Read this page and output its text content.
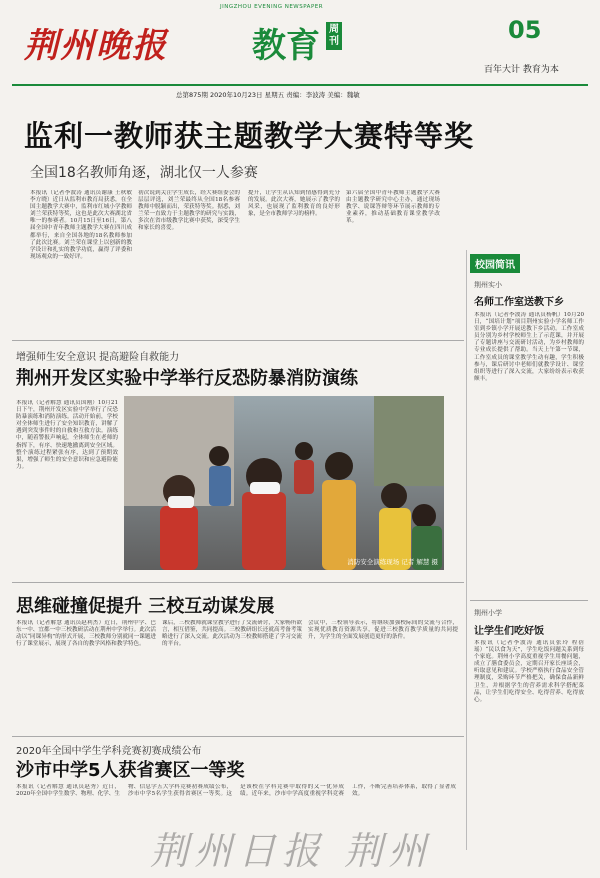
JINGZHOU EVENING NEWSPAPER
荆州晚报 教育 周刊	05
百年大计 教育为本
总第875期 2020年10月23日 星期五 责编：李波涛 美编：魏敏
监利一教师获主题教学大赛特等奖
全国18名教师角逐，湖北仅一人参赛
本报讯（记者李波涛 通讯员谢康 王秋敏 李方晓）近日从监利市教育局获悉，在全国主题教学大赛中，监利市红城小学教师刘兰荣获特等奖，这也是此次大赛湖北省唯一的参赛者。10月15日至16日，第八届全国中青年教师主题教学大赛在四川成都举行，来自全国各地的18名教师参加了此次比赛。刘兰荣在课堂上以创新的教学设计和扎实的教学功底，赢得了评委和现场观众的一致好评。
初次说到关注学生成长，经大赛组委会的层层评选，刘兰荣最终从全国18名参赛教师中脱颖而出，荣获特等奖。据悉，刘兰荣一直致力于主题教学的研究与实践，多次在省市级教学比赛中获奖，深受学生和家长的喜爱。
提升，让学生从认知到情感得到充分的发展。此次大赛，她展示了教学的风采，也展现了监利教育的良好形象，是全市教师学习的榜样。
第六届全国中青年教师主题教学大赛由主题教学研究中心主办，通过现场教学、说课答辩等环节展示教师的专业素养，推动基础教育课堂教学改革。
校园简讯
荆州实小
名师工作室送教下乡
本报讯（记者李波涛 通讯员杨帆）10月20日，“国培计划”项目荆州实验小学名师工作室到乡镇小学开展送教下乡活动。工作室成员分别为乡村学校师生上了示范课，并开展了专题讲座与交流研讨活动，为乡村教师的专业成长提供了帮助。当天上午第一节课，工作室成员的课堂教学生动有趣，学生积极参与，课后研讨中老师们就教学设计、课堂组织等进行了深入交流，大家纷纷表示收获颇丰。
荆州小学
让学生们吃好饭
本报讯（记者李波涛 通讯员张玲 程蓓瑶）“民以食为天”，学生吃饭问题关系到每个家庭。荆州小学高度重视学生用餐问题，成立了膳食委员会，定期召开家长座谈会，听取意见和建议。学校严格执行食品安全管理制度，采购环节严格把关，确保食品新鲜卫生，并根据学生的营养需求科学搭配菜品，让学生们吃得安全、吃得营养、吃得放心。
增强师生安全意识 提高避险自救能力
荆州开发区实验中学举行反恐防暴消防演练
本报讯（记者解慧 通讯员国刚）10月21日下午，荆州开发区实验中学举行了反恐防暴演练和消防演练。活动开始前，学校对全体师生进行了安全知识教育，讲解了遇到突发事件时的自救和互救方法。演练中，随着警报声响起，全体师生在老师的指挥下，有序、快速地撤离到安全区域。整个演练过程紧张有序，达到了预期效果，增强了师生的安全意识和应急避险能力。
消防安全演练现场 记者 解慧 摄
思维碰撞促提升 三校互动谋发展
本报讯（记者解慧 通讯员赵利杰）近日，荆州中学、巴东一中、宜都一中三校教研活动在荆州中学举行。此次活动以“同课异构”的形式开展，三校教师分别就同一课题进行了课堂展示，展现了各自的教学风格和教学特色。
课后，三校教师就课堂教学进行了交流研讨，大家畅所欲言，相互借鉴，共同提高。三校教研组长还就高考备考策略进行了深入交流。此次活动为三校教师搭建了学习交流的平台。
会议中，三校领导表示，将继续加强校际间的交流与合作，实现优质教育资源共享，促进三校教育教学质量的共同提升，为学生的全面发展创造更好的条件。
2020年全国中学生学科竞赛初赛成绩公布
沙市中学5人获省赛区一等奖
本报讯（记者解慧 通讯员赵秀）近日，2020年全国中学生数学、物理、化学、生物、信息学五大学科竞赛初赛成绩公布，沙市中学5名学生获得省赛区一等奖。这是该校在学科竞赛中取得的又一优异成绩。近年来，沙市中学高度重视学科竞赛工作，不断完善培养体系，取得了显著成效。
荆州日报 荆州
